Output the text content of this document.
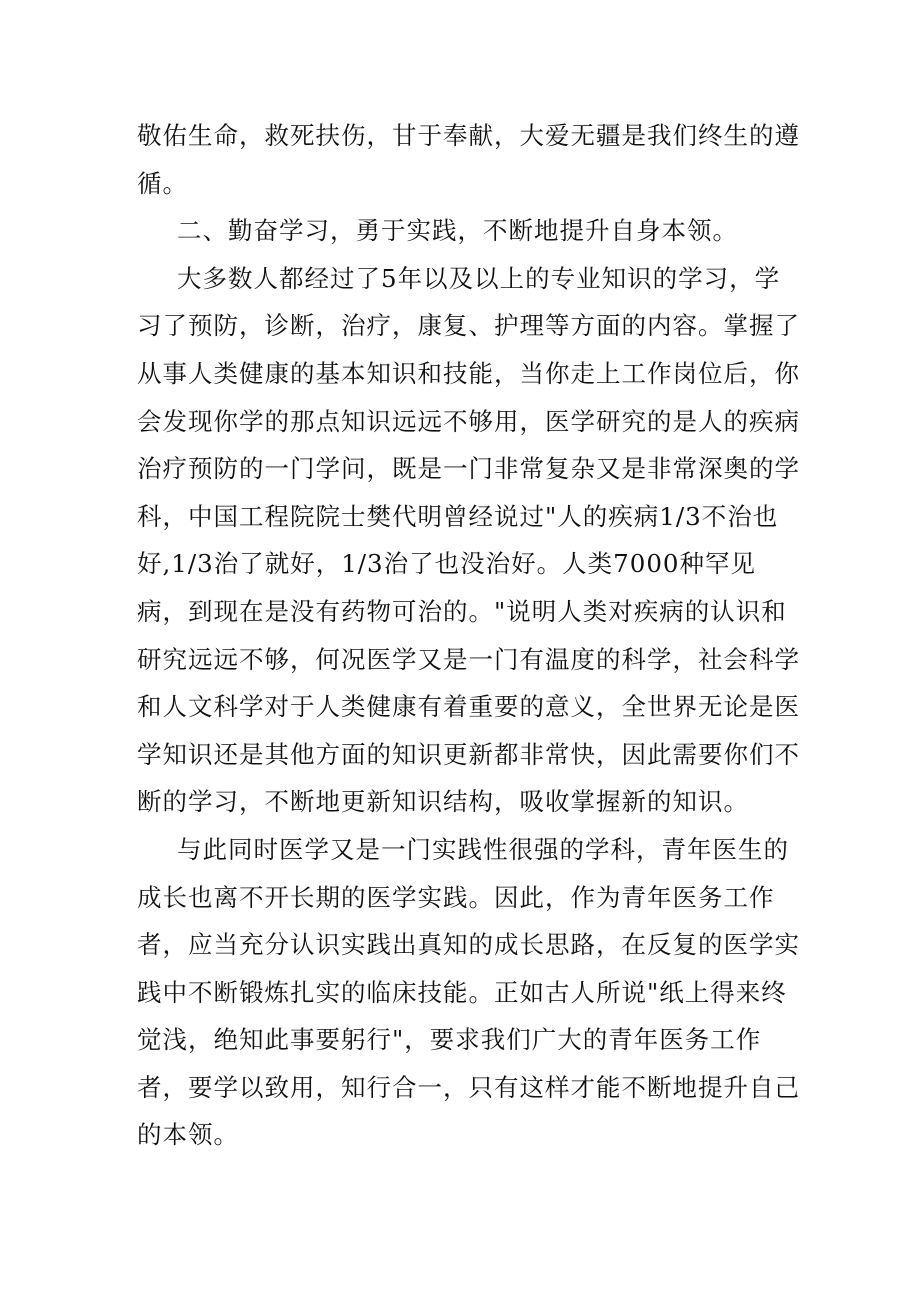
敬佑生命，救死扶伤，甘于奉献，大爱无疆是我们终生的遵
循。
二、勤奋学习，勇于实践，不断地提升自身本领。
大多数人都经过了5年以及以上的专业知识的学习，学
习了预防，诊断，治疗，康复、护理等方面的内容。掌握了
从事人类健康的基本知识和技能，当你走上工作岗位后，你
会发现你学的那点知识远远不够用，医学研究的是人的疾病
治疗预防的一门学问，既是一门非常复杂又是非常深奥的学
科，中国工程院院士樊代明曾经说过"人的疾病1/3不治也
好,1/3治了就好，1/3治了也没治好。人类7000种罕见
病，到现在是没有药物可治的。"说明人类对疾病的认识和
研究远远不够，何况医学又是一门有温度的科学，社会科学
和人文科学对于人类健康有着重要的意义，全世界无论是医
学知识还是其他方面的知识更新都非常快，因此需要你们不
断的学习，不断地更新知识结构，吸收掌握新的知识。
与此同时医学又是一门实践性很强的学科，青年医生的
成长也离不开长期的医学实践。因此，作为青年医务工作
者，应当充分认识实践出真知的成长思路，在反复的医学实
践中不断锻炼扎实的临床技能。正如古人所说"纸上得来终
觉浅，绝知此事要躬行"，要求我们广大的青年医务工作
者，要学以致用，知行合一，只有这样才能不断地提升自己
的本领。
